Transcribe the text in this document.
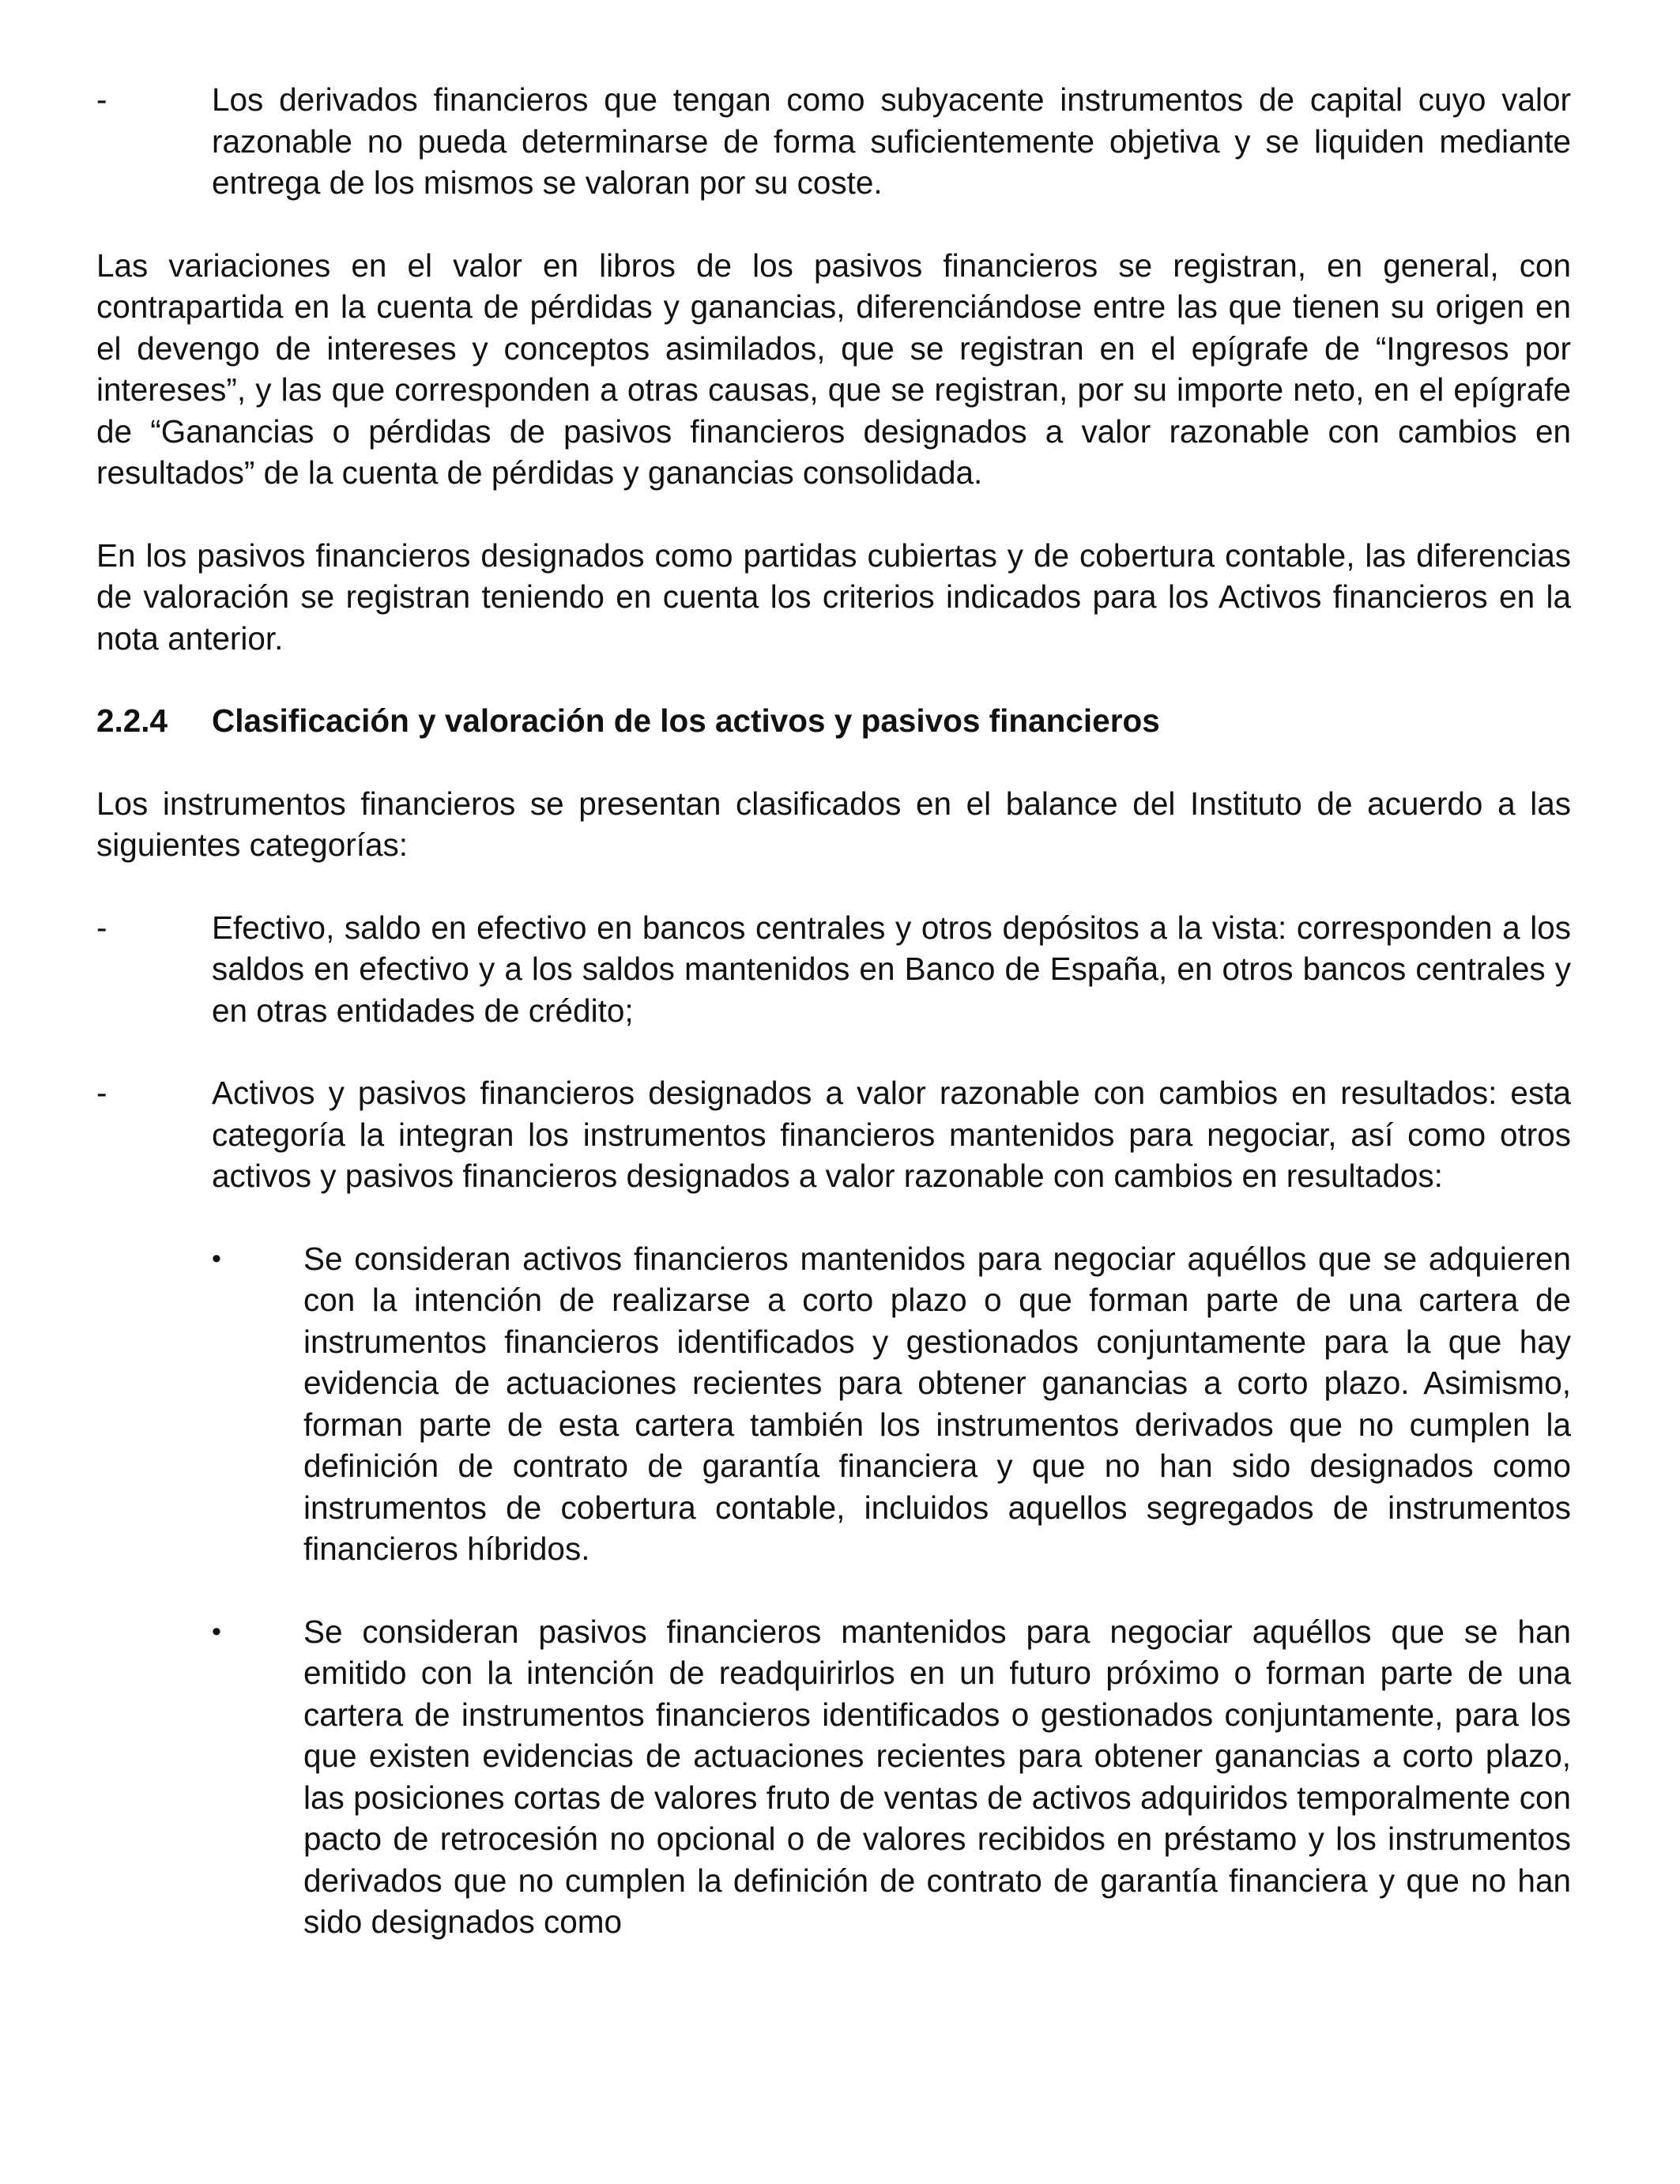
-	Los derivados financieros que tengan como subyacente instrumentos de capital cuyo valor razonable no pueda determinarse de forma suficientemente objetiva y se liquiden mediante entrega de los mismos se valoran por su coste.

Las variaciones en el valor en libros de los pasivos financieros se registran, en general, con contrapartida en la cuenta de pérdidas y ganancias, diferenciándose entre las que tienen su origen en el devengo de intereses y conceptos asimilados, que se registran en el epígrafe de “Ingresos por intereses”, y las que corresponden a otras causas, que se registran, por su importe neto, en el epígrafe de “Ganancias o pérdidas de pasivos financieros designados a valor razonable con cambios en resultados” de la cuenta de pérdidas y ganancias consolidada.

En los pasivos financieros designados como partidas cubiertas y de cobertura contable, las diferencias de valoración se registran teniendo en cuenta los criterios indicados para los Activos financieros en la nota anterior.

2.2.4	Clasificación y valoración de los activos y pasivos financieros

Los instrumentos financieros se presentan clasificados en el balance del Instituto de acuerdo a las siguientes categorías:

-	Efectivo, saldo en efectivo en bancos centrales y otros depósitos a la vista: corresponden a los saldos en efectivo y a los saldos mantenidos en Banco de España, en otros bancos centrales y en otras entidades de crédito;
-	Activos y pasivos financieros designados a valor razonable con cambios en resultados: esta categoría la integran los instrumentos financieros mantenidos para negociar, así como otros activos y pasivos financieros designados a valor razonable con cambios en resultados:
•	Se consideran activos financieros mantenidos para negociar aquéllos que se adquieren con la intención de realizarse a corto plazo o que forman parte de una cartera de instrumentos financieros identificados y gestionados conjuntamente para la que hay evidencia de actuaciones recientes para obtener ganancias a corto plazo. Asimismo, forman parte de esta cartera también los instrumentos derivados que no cumplen la definición de contrato de garantía financiera y que no han sido designados como instrumentos de cobertura contable, incluidos aquellos segregados de instrumentos financieros híbridos.
•	Se consideran pasivos financieros mantenidos para negociar aquéllos que se han emitido con la intención de readquirirlos en un futuro próximo o forman parte de una cartera de instrumentos financieros identificados o gestionados conjuntamente, para los que existen evidencias de actuaciones recientes para obtener ganancias a corto plazo, las posiciones cortas de valores fruto de ventas de activos adquiridos temporalmente con pacto de retrocesión no opcional o de valores recibidos en préstamo y los instrumentos derivados que no cumplen la definición de contrato de garantía financiera y que no han sido designados como
